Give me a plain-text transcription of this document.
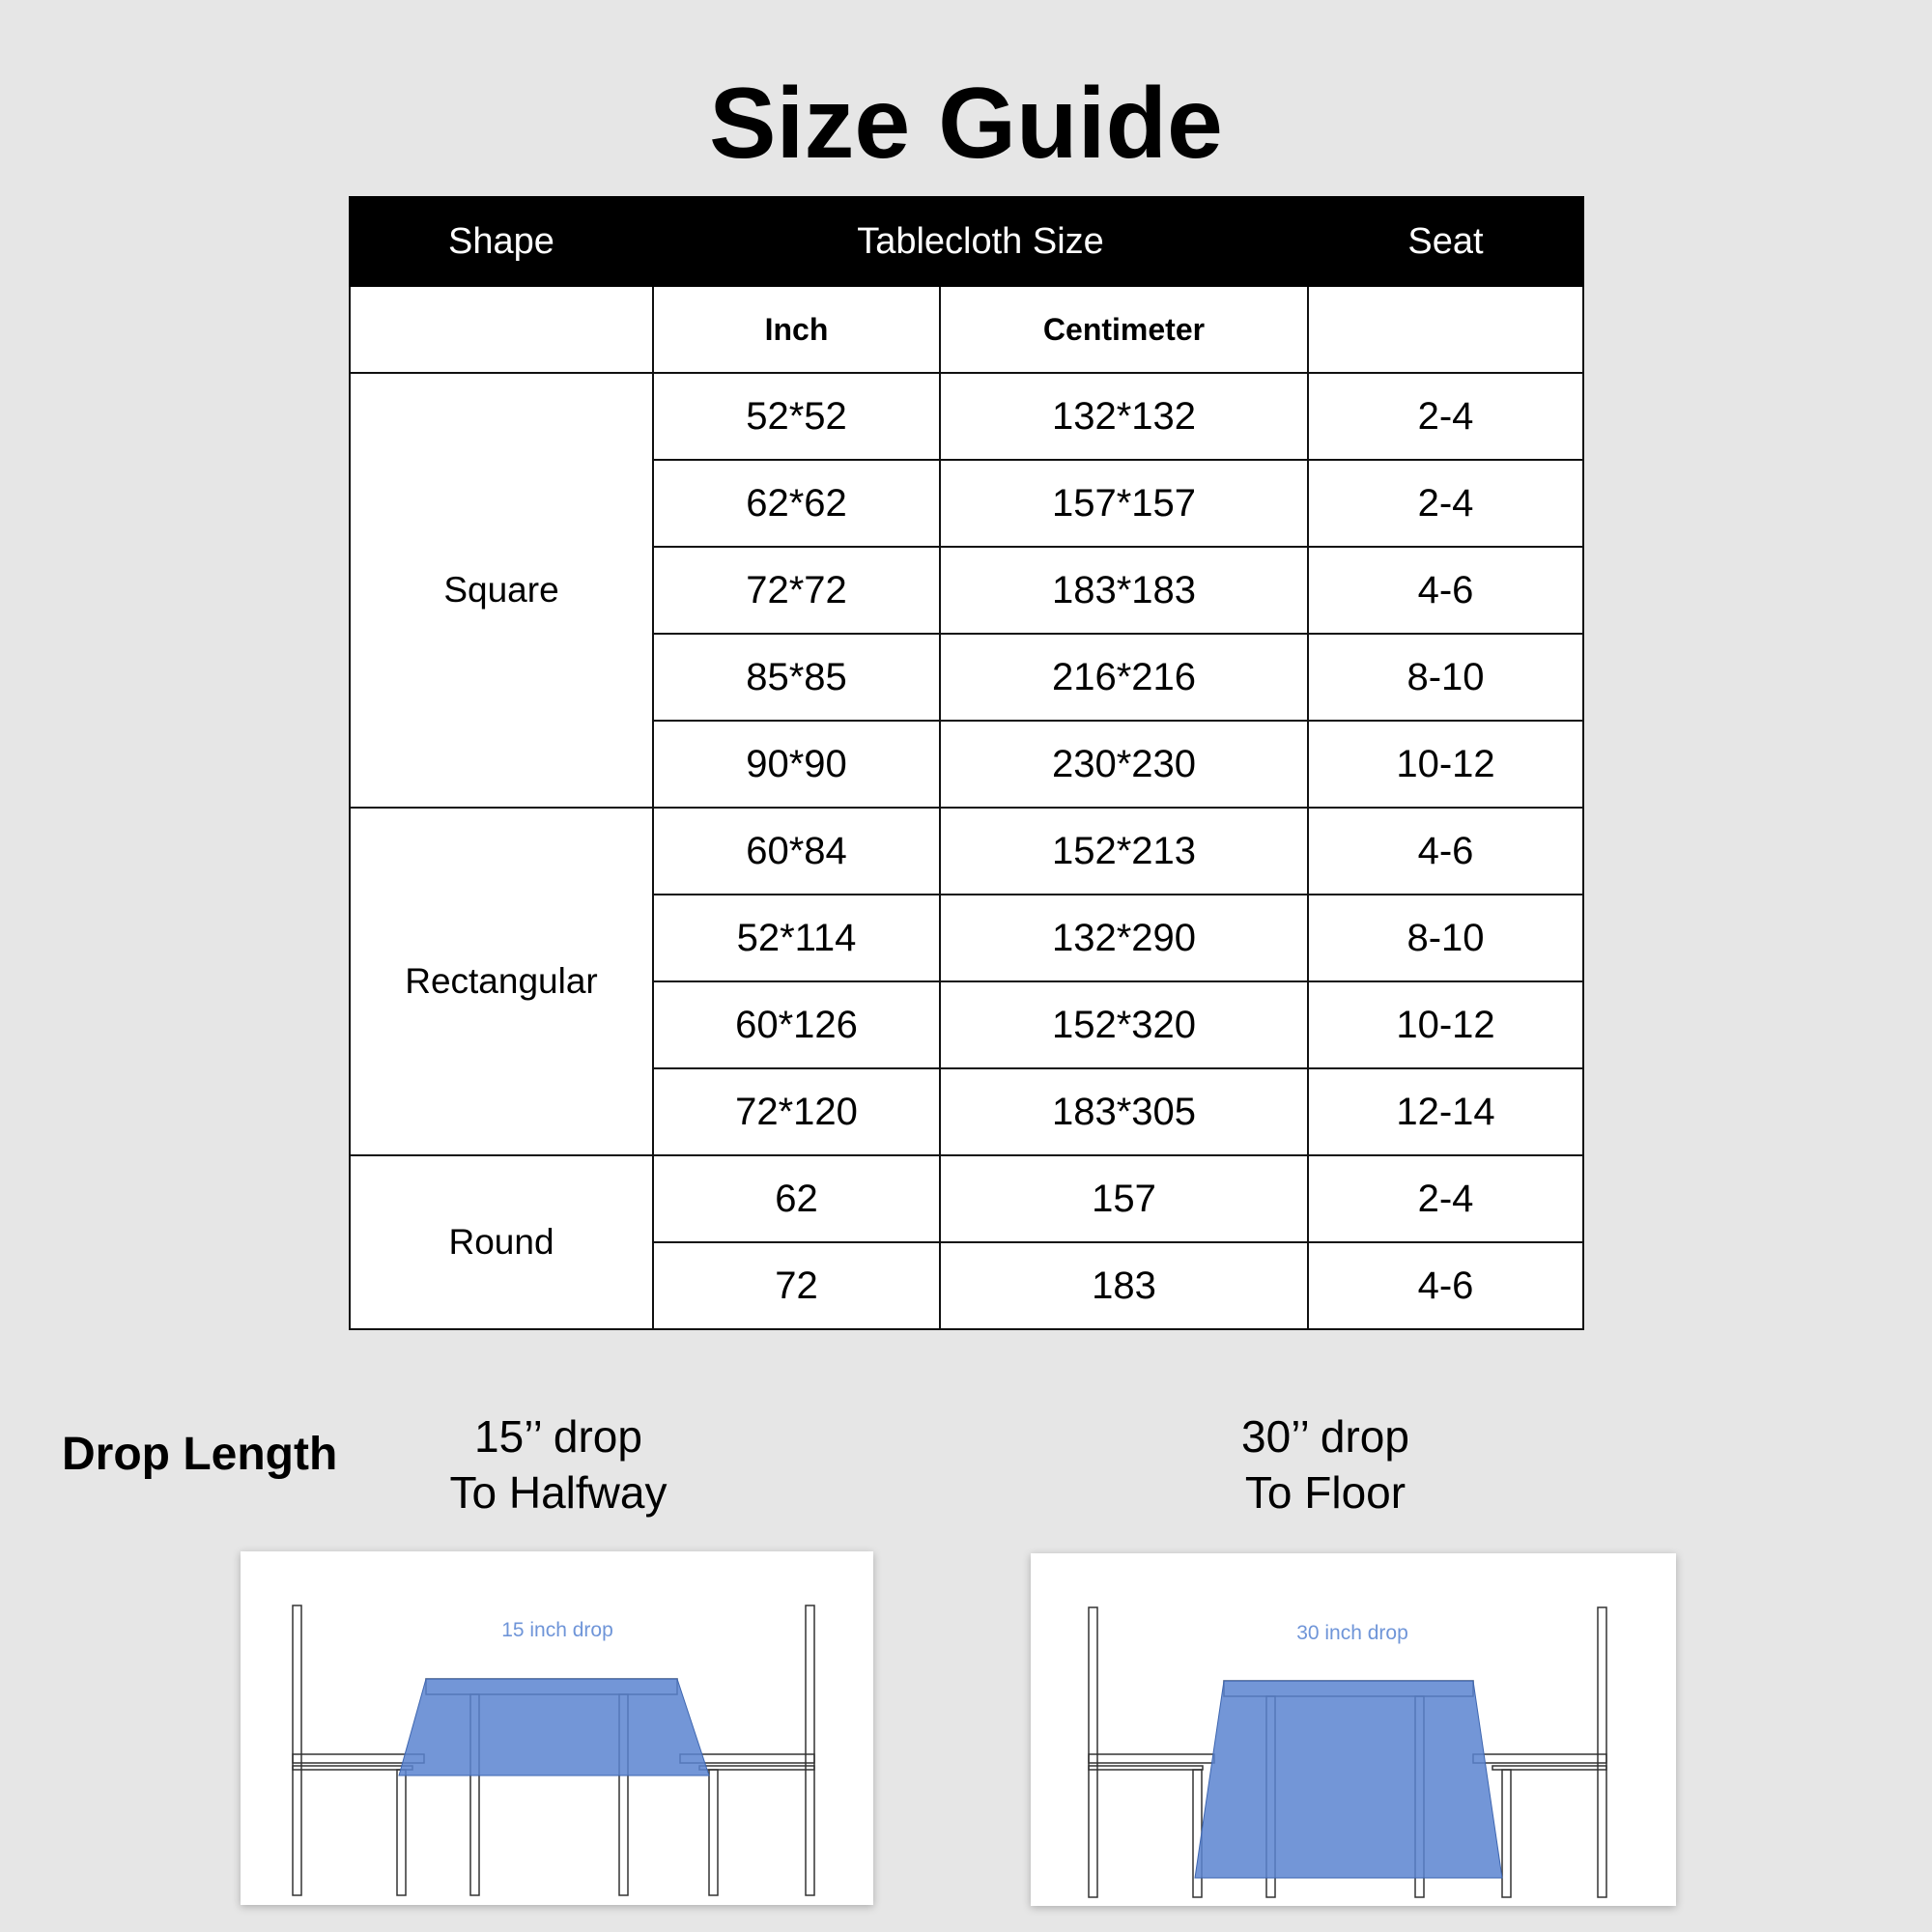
Size Guide
Shape	Tablecloth Size		Seat
	Inch	Centimeter	
Square	52*52	132*132	2-4
	62*62	157*157	2-4
	72*72	183*183	4-6
	85*85	216*216	8-10
	90*90	230*230	10-12
Rectangular	60*84	152*213	4-6
	52*114	132*290	8-10
	60*126	152*320	10-12
	72*120	183*305	12-14
Round	62	157	2-4
	72	183	4-6
Drop Length	15’’ drop
To Halfway
30’’ drop
To Floor
15 inch drop	30 inch drop
